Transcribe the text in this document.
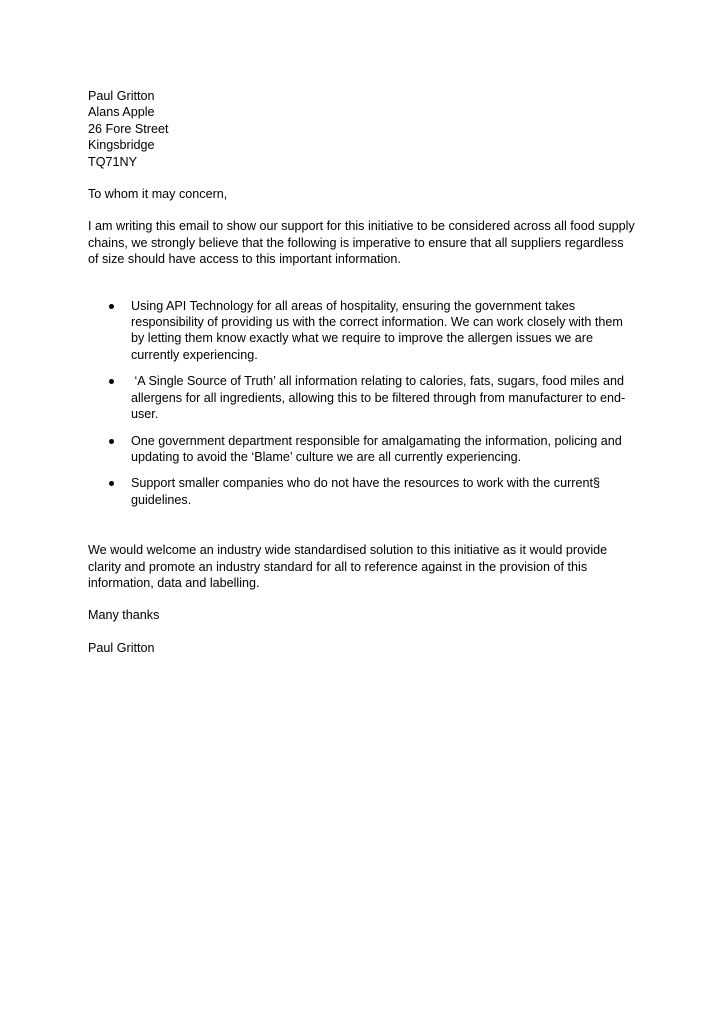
Paul Gritton
Alans Apple
26 Fore Street
Kingsbridge
TQ71NY
To whom it may concern,
I am writing this email to show our support for this initiative to be considered across all food supply chains, we strongly believe that the following is imperative to ensure that all suppliers regardless of size should have access to this important information.
Using API Technology for all areas of hospitality, ensuring the government takes responsibility of providing us with the correct information. We can work closely with them by letting them know exactly what we require to improve the allergen issues we are currently experiencing.
‘A Single Source of Truth’ all information relating to calories, fats, sugars, food miles and allergens for all ingredients, allowing this to be filtered through from manufacturer to end-user.
One government department responsible for amalgamating the information, policing and updating to avoid the ‘Blame’ culture we are all currently experiencing.
Support smaller companies who do not have the resources to work with the current§ guidelines.
We would welcome an industry wide standardised solution to this initiative as it would provide clarity and promote an industry standard for all to reference against in the provision of this information, data and labelling.
Many thanks
Paul Gritton
